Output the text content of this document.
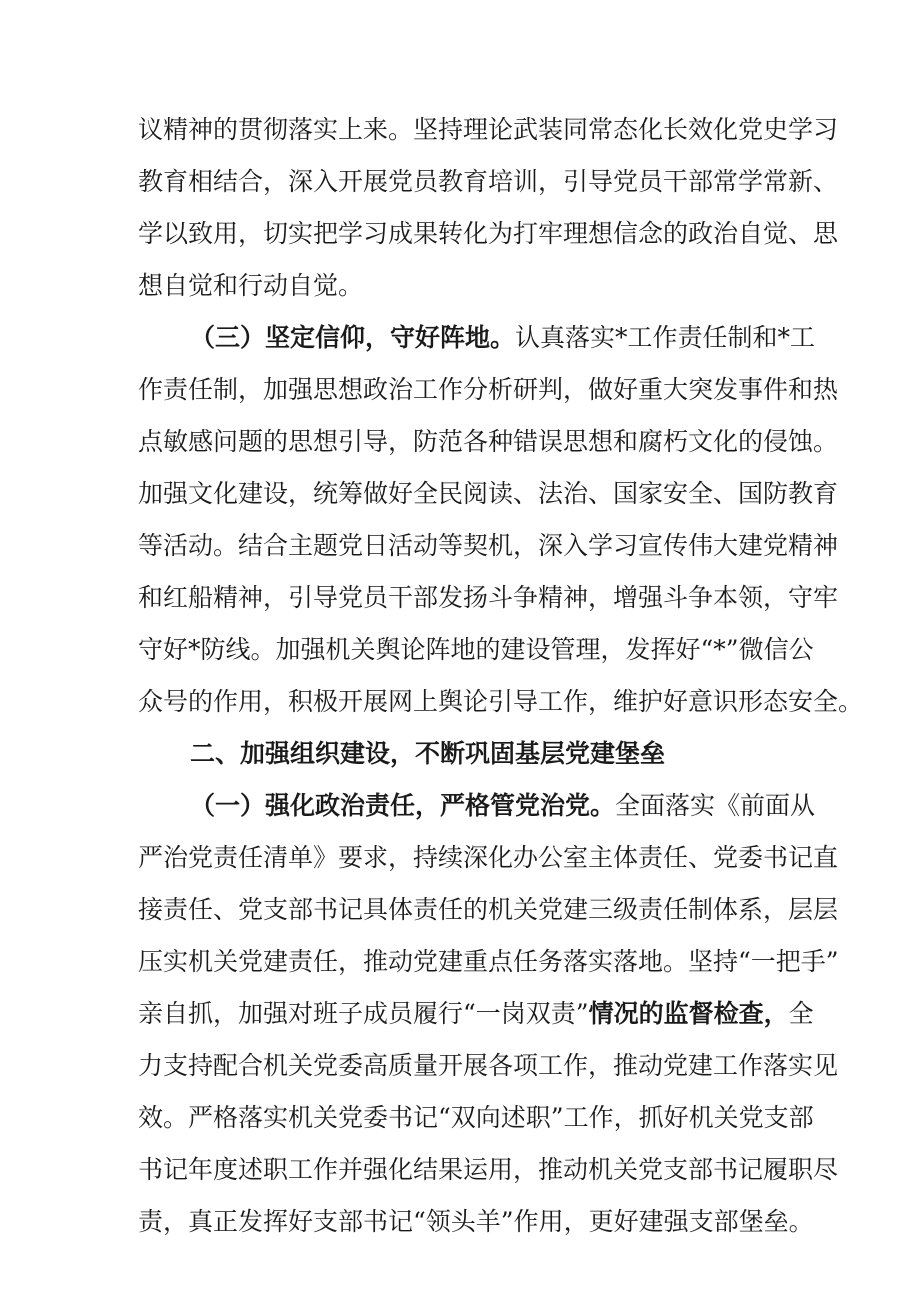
议精神的贯彻落实上来。坚持理论武装同常态化长效化党史学习
教育相结合，深入开展党员教育培训，引导党员干部常学常新、
学以致用，切实把学习成果转化为打牢理想信念的政治自觉、思
想自觉和行动自觉。
（三）坚定信仰，守好阵地。认真落实*工作责任制和*工
作责任制，加强思想政治工作分析研判，做好重大突发事件和热
点敏感问题的思想引导，防范各种错误思想和腐朽文化的侵蚀。
加强文化建设，统筹做好全民阅读、法治、国家安全、国防教育
等活动。结合主题党日活动等契机，深入学习宣传伟大建党精神
和红船精神，引导党员干部发扬斗争精神，增强斗争本领，守牢
守好*防线。加强机关舆论阵地的建设管理，发挥好“*”微信公
众号的作用，积极开展网上舆论引导工作，维护好意识形态安全。
二、加强组织建设，不断巩固基层党建堡垒
（一）强化政治责任，严格管党治党。全面落实《前面从
严治党责任清单》要求，持续深化办公室主体责任、党委书记直
接责任、党支部书记具体责任的机关党建三级责任制体系，层层
压实机关党建责任，推动党建重点任务落实落地。坚持“一把手”
亲自抓，加强对班子成员履行“一岗双责”情况的监督检查，全
力支持配合机关党委高质量开展各项工作，推动党建工作落实见
效。严格落实机关党委书记“双向述职”工作，抓好机关党支部
书记年度述职工作并强化结果运用，推动机关党支部书记履职尽
责，真正发挥好支部书记“领头羊”作用，更好建强支部堡垒。
